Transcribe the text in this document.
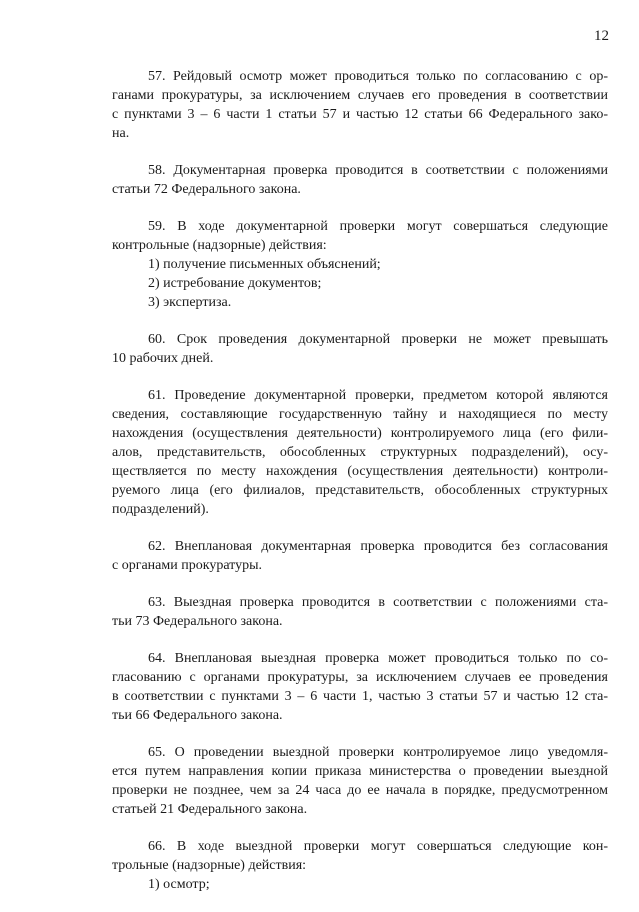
12
57. Рейдовый осмотр может проводиться только по согласованию с ор-
ганами прокуратуры, за исключением случаев его проведения в соответствии
с пунктами 3 – 6 части 1 статьи 57 и частью 12 статьи 66 Федерального зако-
на.
58. Документарная проверка проводится в соответствии с положениями
статьи 72 Федерального закона.
59. В ходе документарной проверки могут совершаться следующие
контрольные (надзорные) действия:
1) получение письменных объяснений;
2) истребование документов;
3) экспертиза.
60. Срок проведения документарной проверки не может превышать
10 рабочих дней.
61. Проведение документарной проверки, предметом которой являются
сведения, составляющие государственную тайну и находящиеся по месту
нахождения (осуществления деятельности) контролируемого лица (его фили-
алов, представительств, обособленных структурных подразделений), осу-
ществляется по месту нахождения (осуществления деятельности) контроли-
руемого лица (его филиалов, представительств, обособленных структурных
подразделений).
62. Внеплановая документарная проверка проводится без согласования
с органами прокуратуры.
63. Выездная проверка проводится в соответствии с положениями ста-
тьи 73 Федерального закона.
64. Внеплановая выездная проверка может проводиться только по со-
гласованию с органами прокуратуры, за исключением случаев ее проведения
в соответствии с пунктами 3 – 6 части 1, частью 3 статьи 57 и частью 12 ста-
тьи 66 Федерального закона.
65. О проведении выездной проверки контролируемое лицо уведомля-
ется путем направления копии приказа министерства о проведении выездной
проверки не позднее, чем за 24 часа до ее начала в порядке, предусмотренном
статьей 21 Федерального закона.
66. В ходе выездной проверки могут совершаться следующие кон-
трольные (надзорные) действия:
1) осмотр;
